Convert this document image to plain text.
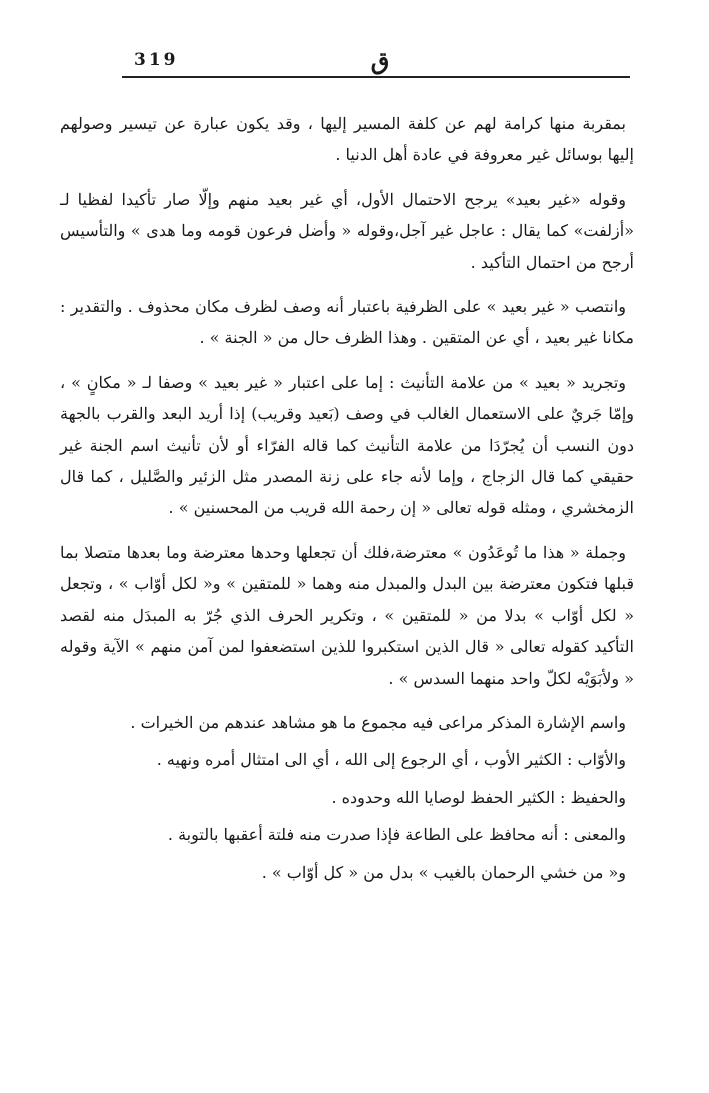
319	ق

بمقربة منها كرامة لهم عن كلفة المسير إليها ، وقد يكون عبارة عن تيسير وصولهم إليها بوسائل غير معروفة في عادة أهل الدنيا .

وقوله «غير بعيد» يرجح الاحتمال الأول، أي غير بعيد منهم وإلّا صار تأكيدا لفظيا لـ «أزلفت» كما يقال : عاجل غير آجل،وقوله « وأضل فرعون قومه وما هدى » والتأسيس أرجح من احتمال التأكيد .

وانتصب « غير بعيد » على الظرفية باعتبار أنه وصف لظرف مكان محذوف . والتقدير : مكانا غير بعيد ، أي عن المتقين . وهذا الظرف حال من « الجنة » .

وتجريد « بعيد » من علامة التأنيث : إما على اعتبار « غير بعيد » وصفا لـ « مكانٍ » ، وإمّا جَريٌ على الاستعمال الغالب في وصف (بَعيد وقريب) إذا أريد البعد والقرب بالجهة دون النسب أن يُجرّدَا من علامة التأنيث كما قاله الفرّاء أو لأن تأنيث اسم الجنة غير حقيقي كما قال الزجاج ، وإما لأنه جاء على زنة المصدر مثل الزئير والصَّليل ، كما قال الزمخشري ، ومثله قوله تعالى « إن رحمة الله قريب من المحسنين » .

وجملة « هذا ما تُوعَدُون » معترضة،فلك أن تجعلها وحدها معترضة وما بعدها متصلا بما قبلها فتكون معترضة بين البدل والمبدل منه وهما « للمتقين » و« لكل أوّاب » ، وتجعل « لكل أوّاب » بدلا من « للمتقين » ، وتكرير الحرف الذي جُرّ به المبدَل منه لقصد التأكيد كقوله تعالى « قال الذين استكبروا للذين استضعفوا لمن آمن منهم » الآية وقوله « ولأبَوَيْه لكلّ واحد منهما السدس » .

واسم الإشارة المذكر مراعى فيه مجموع ما هو مشاهد عندهم من الخيرات .

والأوّاب : الكثير الأوب ، أي الرجوع إلى الله ، أي الى امتثال أمره ونهيه .

والحفيظ : الكثير الحفظ لوصايا الله وحدوده .

والمعنى : أنه محافظ على الطاعة فإذا صدرت منه فلتة أعقبها بالتوبة .

و« من خشي الرحمان بالغيب » بدل من « كل أوّاب » .
